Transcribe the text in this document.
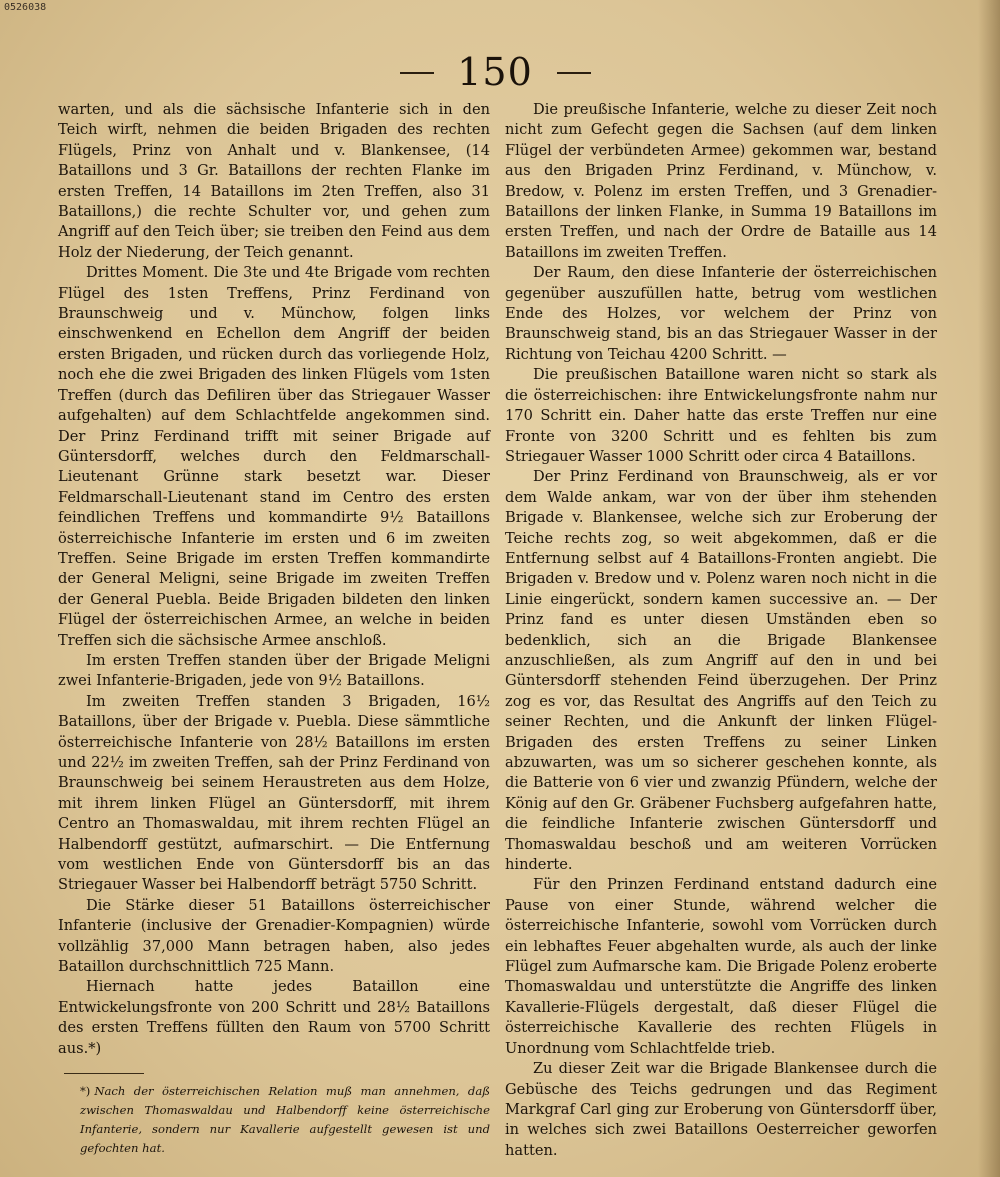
0526038
150

warten, und als die sächsische Infanterie sich in den Teich wirft, nehmen die beiden Brigaden des rechten Flügels, Prinz von Anhalt und v. Blankensee, (14 Bataillons und 3 Gr. Bataillons der rechten Flanke im ersten Treffen, 14 Bataillons im 2ten Treffen, also 31 Bataillons,) die rechte Schulter vor, und gehen zum Angriff auf den Teich über; sie treiben den Feind aus dem Holz der Niederung, der Teich genannt.

Drittes Moment. Die 3te und 4te Brigade vom rechten Flügel des 1sten Treffens, Prinz Ferdinand von Braunschweig und v. Münchow, folgen links einschwenkend en Echellon dem Angriff der beiden ersten Brigaden, und rücken durch das vorliegende Holz, noch ehe die zwei Brigaden des linken Flügels vom 1sten Treffen (durch das Defiliren über das Striegauer Wasser aufgehalten) auf dem Schlachtfelde angekommen sind. Der Prinz Ferdinand trifft mit seiner Brigade auf Güntersdorff, welches durch den Feldmarschall-Lieutenant Grünne stark besetzt war. Dieser Feldmarschall-Lieutenant stand im Centro des ersten feindlichen Treffens und kommandirte 9½ Bataillons österreichische Infanterie im ersten und 6 im zweiten Treffen. Seine Brigade im ersten Treffen kommandirte der General Meligni, seine Brigade im zweiten Treffen der General Puebla. Beide Brigaden bildeten den linken Flügel der österreichischen Armee, an welche in beiden Treffen sich die sächsische Armee anschloß.

Im ersten Treffen standen über der Brigade Meligni zwei Infanterie-Brigaden, jede von 9½ Bataillons.

Im zweiten Treffen standen 3 Brigaden, 16½ Bataillons, über der Brigade v. Puebla. Diese sämmtliche österreichische Infanterie von 28½ Bataillons im ersten und 22½ im zweiten Treffen, sah der Prinz Ferdinand von Braunschweig bei seinem Heraustreten aus dem Holze, mit ihrem linken Flügel an Güntersdorff, mit ihrem Centro an Thomaswaldau, mit ihrem rechten Flügel an Halbendorff gestützt, aufmarschirt. — Die Entfernung vom westlichen Ende von Güntersdorff bis an das Striegauer Wasser bei Halbendorff beträgt 5750 Schritt.

Die Stärke dieser 51 Bataillons österreichischer Infanterie (inclusive der Grenadier-Kompagnien) würde vollzählig 37,000 Mann betragen haben, also jedes Bataillon durchschnittlich 725 Mann.

Hiernach hatte jedes Bataillon eine Entwickelungsfronte von 200 Schritt und 28½ Bataillons des ersten Treffens füllten den Raum von 5700 Schritt aus.*)

*) Nach der österreichischen Relation muß man annehmen, daß zwischen Thomaswaldau und Halbendorff keine österreichische Infanterie, sondern nur Kavallerie aufgestellt gewesen ist und gefochten hat.

Die preußische Infanterie, welche zu dieser Zeit noch nicht zum Gefecht gegen die Sachsen (auf dem linken Flügel der verbündeten Armee) gekommen war, bestand aus den Brigaden Prinz Ferdinand, v. Münchow, v. Bredow, v. Polenz im ersten Treffen, und 3 Grenadier-Bataillons der linken Flanke, in Summa 19 Bataillons im ersten Treffen, und nach der Ordre de Bataille aus 14 Bataillons im zweiten Treffen.

Der Raum, den diese Infanterie der österreichischen gegenüber auszufüllen hatte, betrug vom westlichen Ende des Holzes, vor welchem der Prinz von Braunschweig stand, bis an das Striegauer Wasser in der Richtung von Teichau 4200 Schritt. —

Die preußischen Bataillone waren nicht so stark als die österreichischen: ihre Entwickelungsfronte nahm nur 170 Schritt ein. Daher hatte das erste Treffen nur eine Fronte von 3200 Schritt und es fehlten bis zum Striegauer Wasser 1000 Schritt oder circa 4 Bataillons.

Der Prinz Ferdinand von Braunschweig, als er vor dem Walde ankam, war von der über ihm stehenden Brigade v. Blankensee, welche sich zur Eroberung der Teiche rechts zog, so weit abgekommen, daß er die Entfernung selbst auf 4 Bataillons-Fronten angiebt. Die Brigaden v. Bredow und v. Polenz waren noch nicht in die Linie eingerückt, sondern kamen successive an. — Der Prinz fand es unter diesen Umständen eben so bedenklich, sich an die Brigade Blankensee anzuschließen, als zum Angriff auf den in und bei Güntersdorff stehenden Feind überzugehen. Der Prinz zog es vor, das Resultat des Angriffs auf den Teich zu seiner Rechten, und die Ankunft der linken Flügel-Brigaden des ersten Treffens zu seiner Linken abzuwarten, was um so sicherer geschehen konnte, als die Batterie von 6 vier und zwanzig Pfündern, welche der König auf den Gr. Gräbener Fuchsberg aufgefahren hatte, die feindliche Infanterie zwischen Güntersdorff und Thomaswaldau beschoß und am weiteren Vorrücken hinderte.

Für den Prinzen Ferdinand entstand dadurch eine Pause von einer Stunde, während welcher die österreichische Infanterie, sowohl vom Vorrücken durch ein lebhaftes Feuer abgehalten wurde, als auch der linke Flügel zum Aufmarsche kam. Die Brigade Polenz eroberte Thomaswaldau und unterstützte die Angriffe des linken Kavallerie-Flügels dergestalt, daß dieser Flügel die österreichische Kavallerie des rechten Flügels in Unordnung vom Schlachtfelde trieb.

Zu dieser Zeit war die Brigade Blankensee durch die Gebüsche des Teichs gedrungen und das Regiment Markgraf Carl ging zur Eroberung von Güntersdorff über, in welches sich zwei Bataillons Oesterreicher geworfen hatten.
